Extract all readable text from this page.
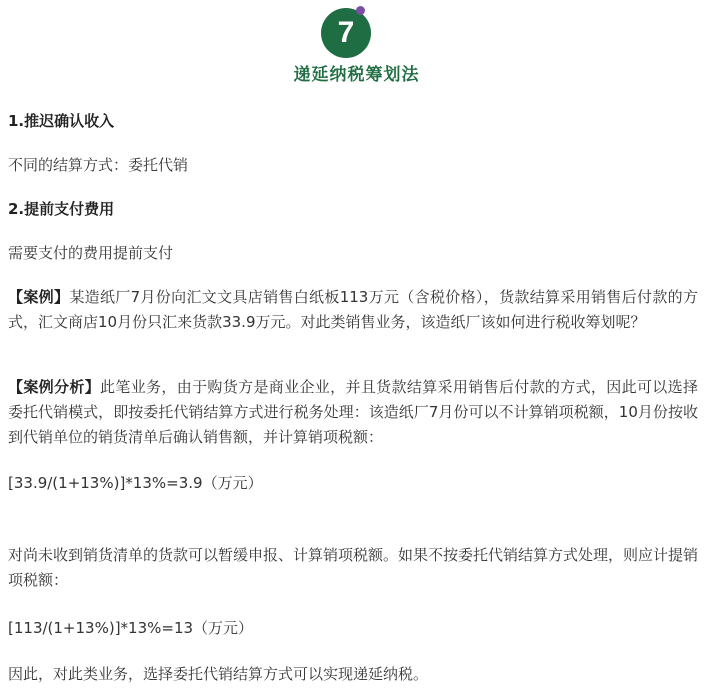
7
递延纳税筹划法
1.推迟确认收入
不同的结算方式：委托代销
2.提前支付费用
需要支付的费用提前支付
【案例】某造纸厂7月份向汇文文具店销售白纸板113万元（含税价格），货款结算采用销售后付款的方式，汇文商店10月份只汇来货款33.9万元。对此类销售业务，该造纸厂该如何进行税收筹划呢？
【案例分析】此笔业务，由于购货方是商业企业，并且货款结算采用销售后付款的方式，因此可以选择委托代销模式，即按委托代销结算方式进行税务处理：该造纸厂7月份可以不计算销项税额，10月份按收到代销单位的销货清单后确认销售额，并计算销项税额：
[33.9/(1+13%)]*13%=3.9（万元）
对尚未收到销货清单的货款可以暂缓申报、计算销项税额。如果不按委托代销结算方式处理，则应计提销项税额：
[113/(1+13%)]*13%=13（万元）
因此，对此类业务，选择委托代销结算方式可以实现递延纳税。
